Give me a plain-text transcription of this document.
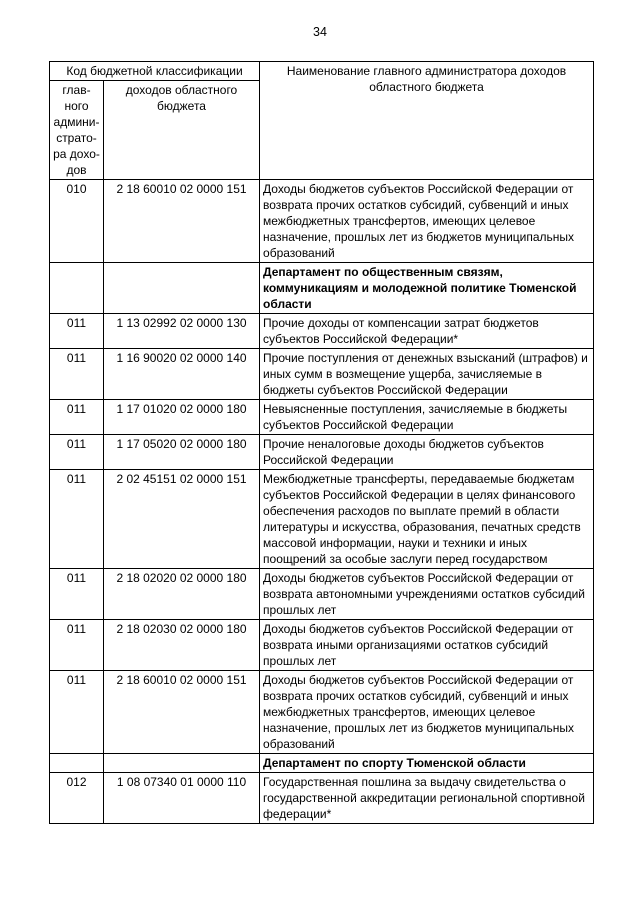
34
Код бюджетной классификации		Наименование главного администратора доходов областного бюджета
глав-ного админи-страто-ра дохо-дов	доходов областного бюджета	
010	2 18 60010 02 0000 151	Доходы бюджетов субъектов Российской Федерации от возврата прочих остатков субсидий, субвенций и иных межбюджетных трансфертов, имеющих целевое назначение, прошлых лет из бюджетов муниципальных образований
		Департамент по общественным связям, коммуникациям и молодежной политике Тюменской области
011	1 13 02992 02 0000 130	Прочие доходы от компенсации затрат бюджетов субъектов Российской Федерации*
011	1 16 90020 02 0000 140	Прочие поступления от денежных взысканий (штрафов) и иных сумм в возмещение ущерба, зачисляемые в бюджеты субъектов Российской Федерации
011	1 17 01020 02 0000 180	Невыясненные поступления, зачисляемые в бюджеты субъектов Российской Федерации
011	1 17 05020 02 0000 180	Прочие неналоговые доходы бюджетов субъектов Российской Федерации
011	2 02 45151 02 0000 151	Межбюджетные трансферты, передаваемые бюджетам субъектов Российской Федерации в целях финансового обеспечения расходов по выплате премий в области литературы и искусства, образования, печатных средств массовой информации, науки и техники и иных поощрений за особые заслуги перед государством
011	2 18 02020 02 0000 180	Доходы бюджетов субъектов Российской Федерации от возврата автономными учреждениями остатков субсидий прошлых лет
011	2 18 02030 02 0000 180	Доходы бюджетов субъектов Российской Федерации от возврата иными организациями остатков субсидий прошлых лет
011	2 18 60010 02 0000 151	Доходы бюджетов субъектов Российской Федерации от возврата прочих остатков субсидий, субвенций и иных межбюджетных трансфертов, имеющих целевое назначение, прошлых лет из бюджетов муниципальных образований
		Департамент по спорту Тюменской области
012	1 08 07340 01 0000 110	Государственная пошлина за выдачу свидетельства о государственной аккредитации региональной спортивной федерации*
